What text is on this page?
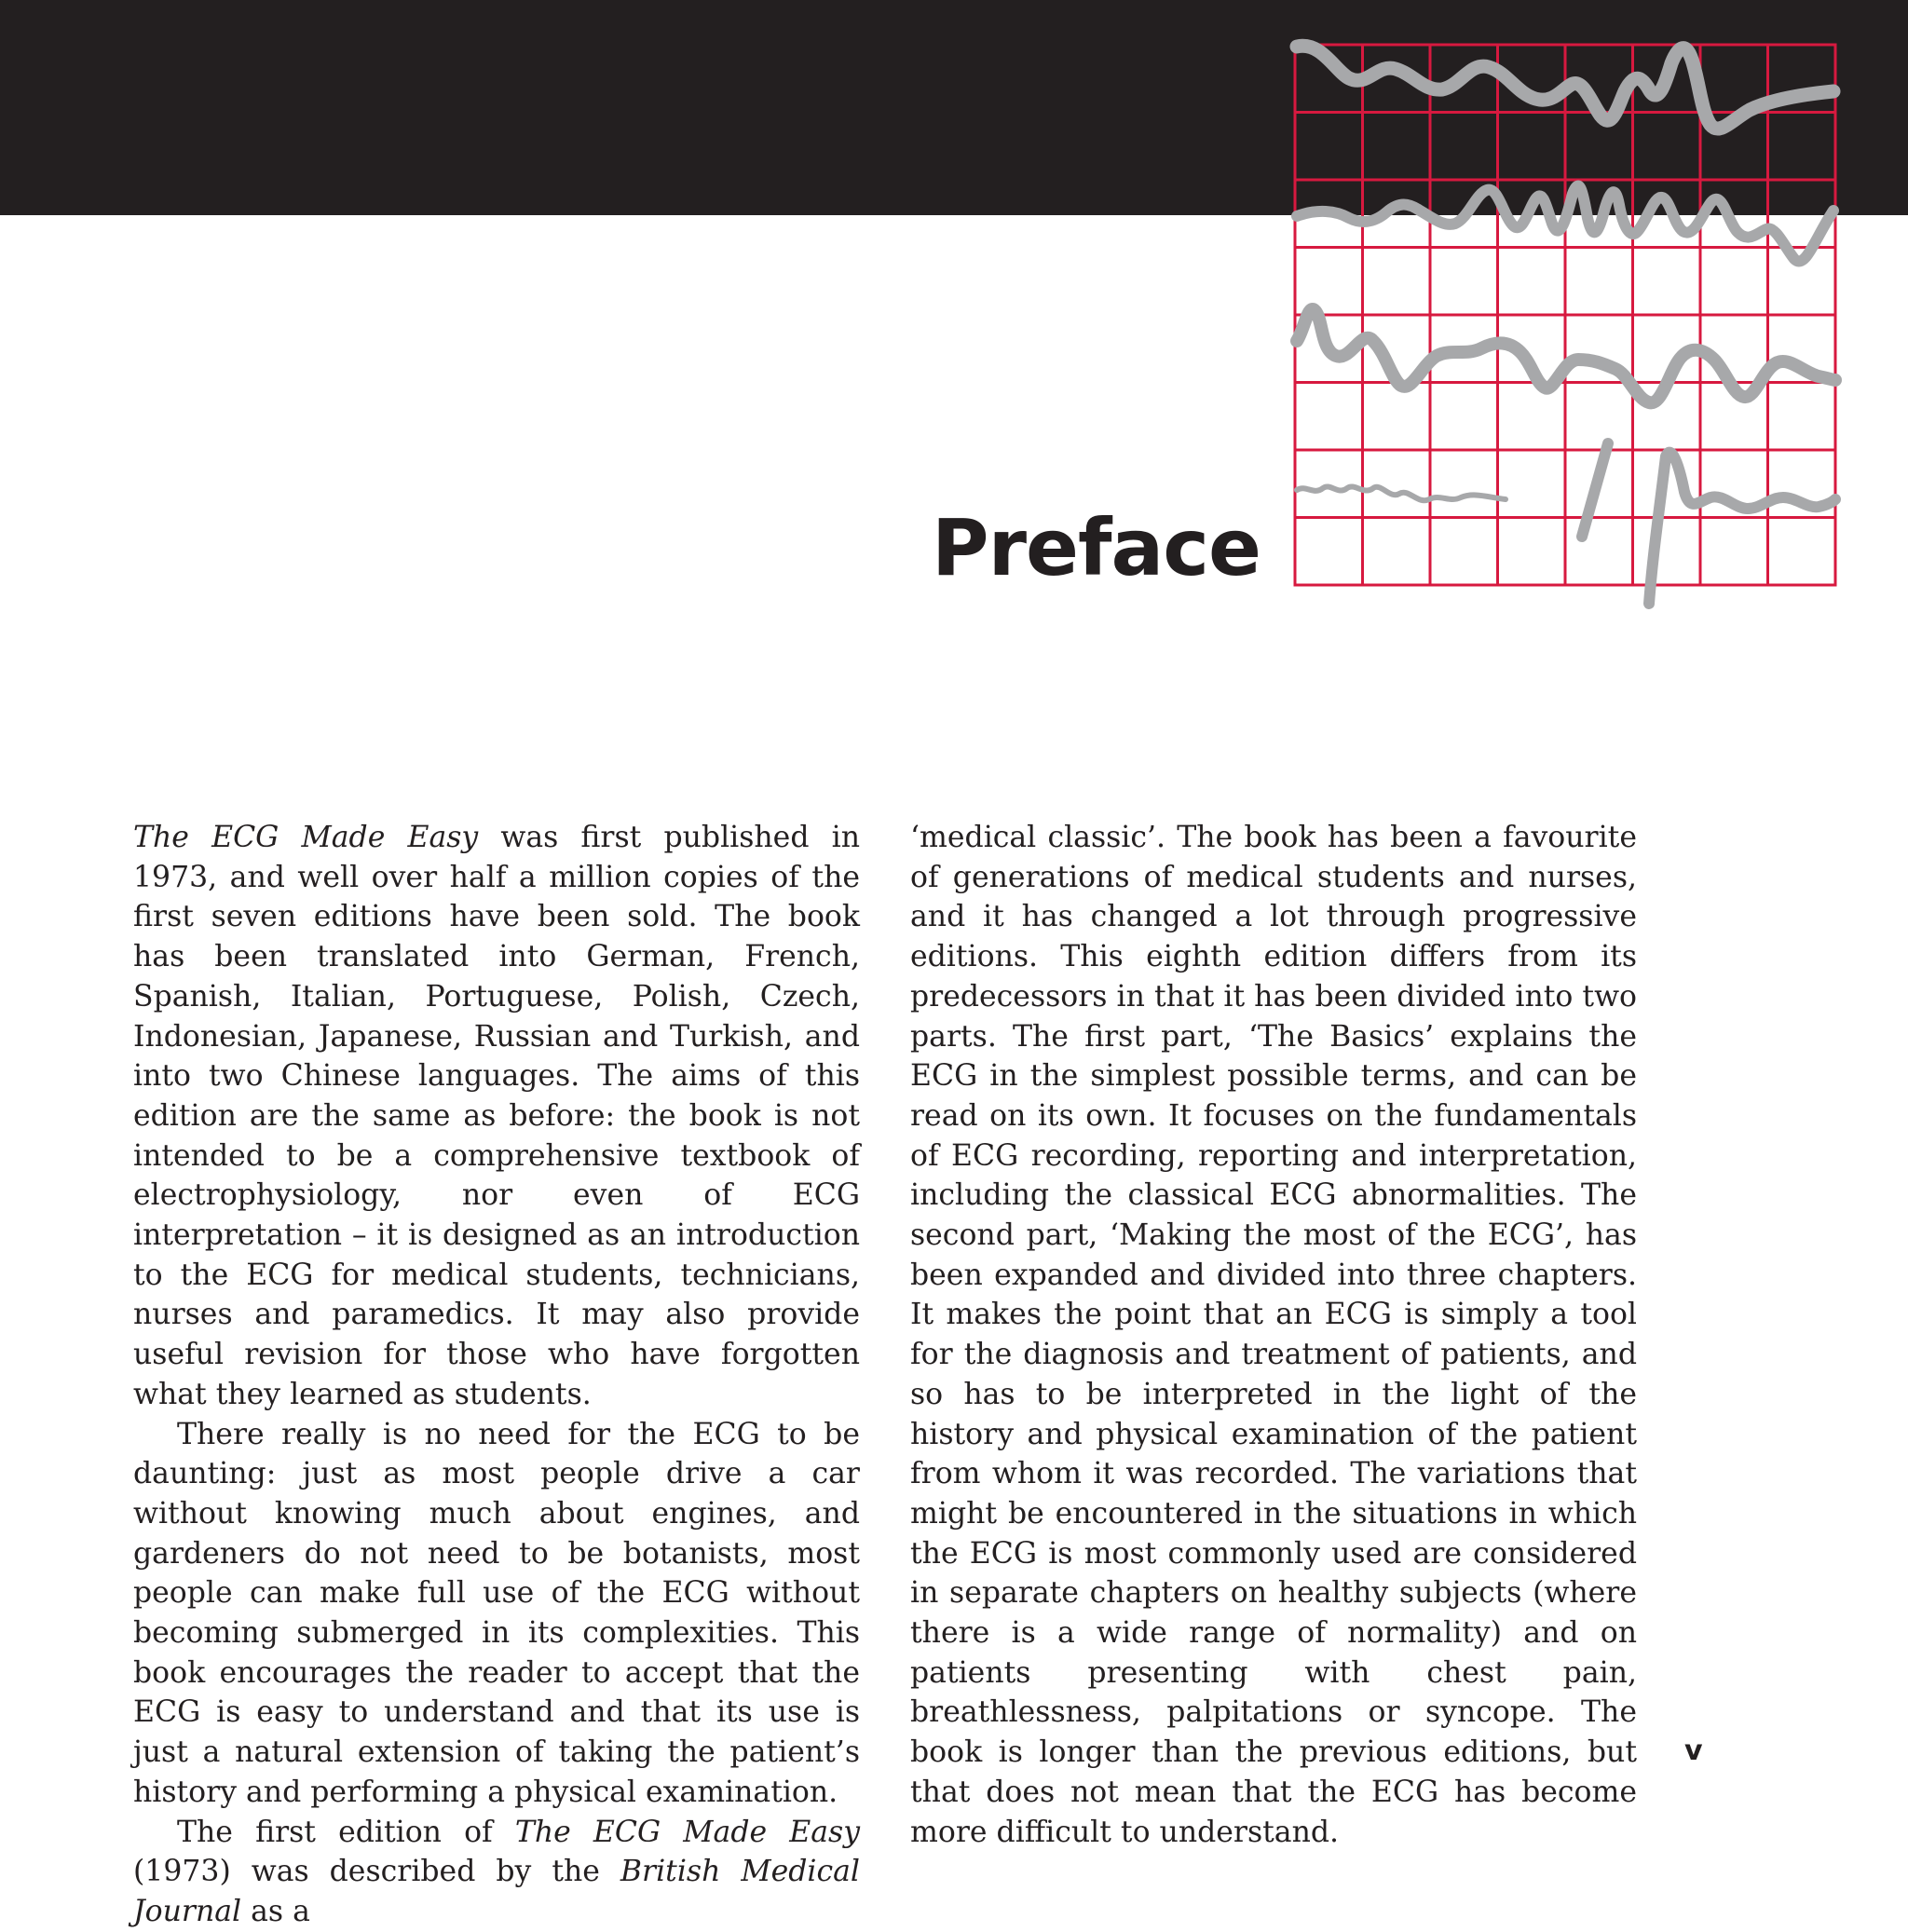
Preface

The ECG Made Easy was first published in 1973, and well over half a million copies of the first seven editions have been sold. The book has been translated into German, French, Spanish, Italian, Portuguese, Polish, Czech, Indonesian, Japanese, Russian and Turkish, and into two Chinese languages. The aims of this edition are the same as before: the book is not intended to be a comprehensive textbook of electrophysiology, nor even of ECG interpretation – it is designed as an introduction to the ECG for medical students, technicians, nurses and paramedics. It may also provide useful revision for those who have forgotten what they learned as students.

There really is no need for the ECG to be daunting: just as most people drive a car without knowing much about engines, and gardeners do not need to be botanists, most people can make full use of the ECG without becoming submerged in its complexities. This book encourages the reader to accept that the ECG is easy to understand and that its use is just a natural extension of taking the patient’s history and performing a physical examination.

The first edition of The ECG Made Easy (1973) was described by the British Medical Journal as a

‘medical classic’. The book has been a favourite of generations of medical students and nurses, and it has changed a lot through progressive editions. This eighth edition differs from its predecessors in that it has been divided into two parts. The first part, ‘The Basics’ explains the ECG in the simplest possible terms, and can be read on its own. It focuses on the fundamentals of ECG recording, reporting and interpretation, including the classical ECG abnormalities. The second part, ‘Making the most of the ECG’, has been expanded and divided into three chapters. It makes the point that an ECG is simply a tool for the diagnosis and treatment of patients, and so has to be interpreted in the light of the history and physical examination of the patient from whom it was recorded. The variations that might be encountered in the situations in which the ECG is most commonly used are considered in separate chapters on healthy subjects (where there is a wide range of normality) and on patients presenting with chest pain, breathlessness, palpitations or syncope. The book is longer than the previous editions, but that does not mean that the ECG has become more difficult to understand.

v
